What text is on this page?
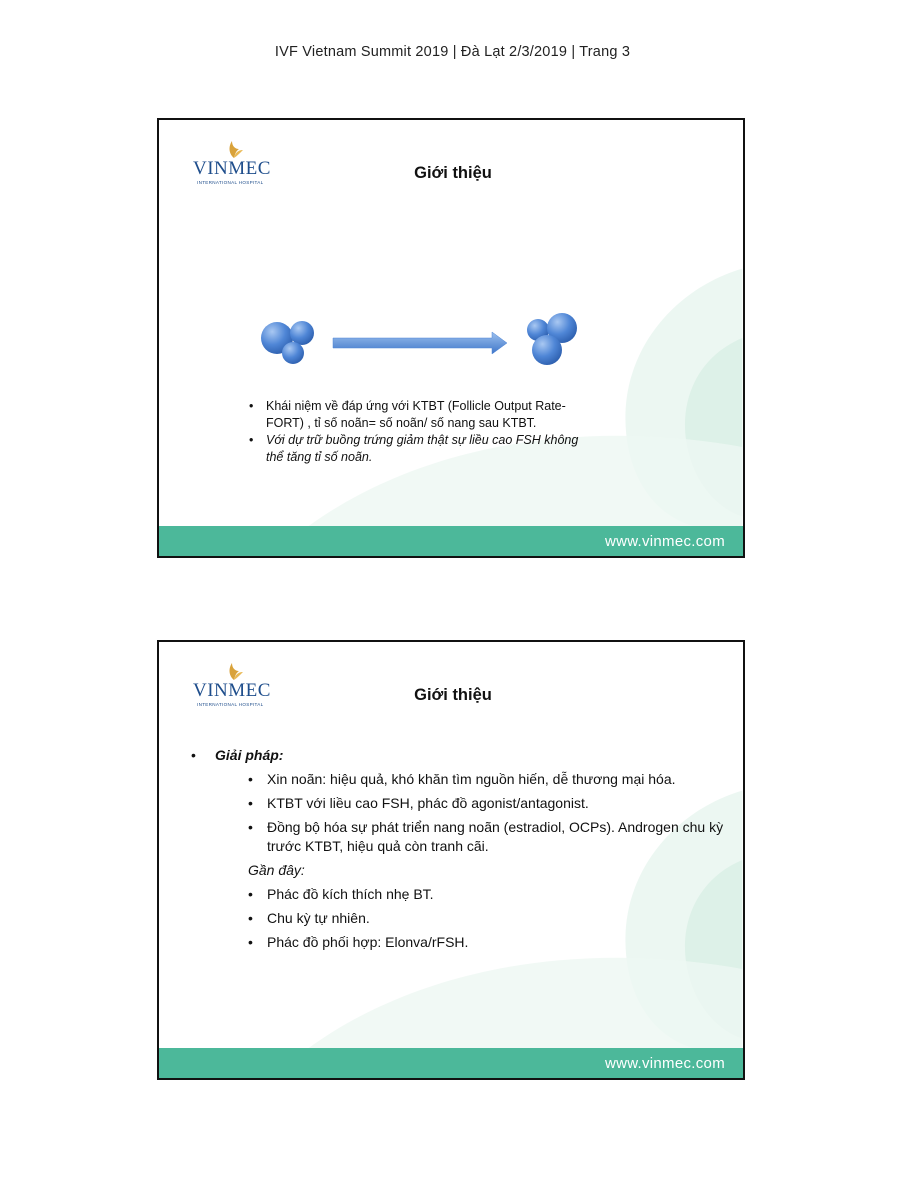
IVF Vietnam Summit 2019 | Đà Lạt 2/3/2019 | Trang 3
VINMEC
INTERNATIONAL HOSPITAL
Giới thiệu
• Khái niệm về đáp ứng với KTBT (Follicle Output Rate-FORT) , tỉ số noãn= số noãn/ số nang sau KTBT.
• Với dự trữ buồng trứng giảm thật sự liều cao FSH không thể tăng tỉ số noãn.
www.vinmec.com
VINMEC
INTERNATIONAL HOSPITAL
Giới thiệu
• Giải pháp:
• Xin noãn: hiệu quả, khó khăn tìm nguồn hiến, dễ thương mại hóa.
• KTBT với liều cao FSH, phác đồ agonist/antagonist.
• Đồng bộ hóa sự phát triển nang noãn (estradiol, OCPs). Androgen chu kỳ trước KTBT, hiệu quả còn tranh cãi.
Gần đây:
• Phác đồ kích thích nhẹ BT.
• Chu kỳ tự nhiên.
• Phác đồ phối hợp: Elonva/rFSH.
www.vinmec.com
